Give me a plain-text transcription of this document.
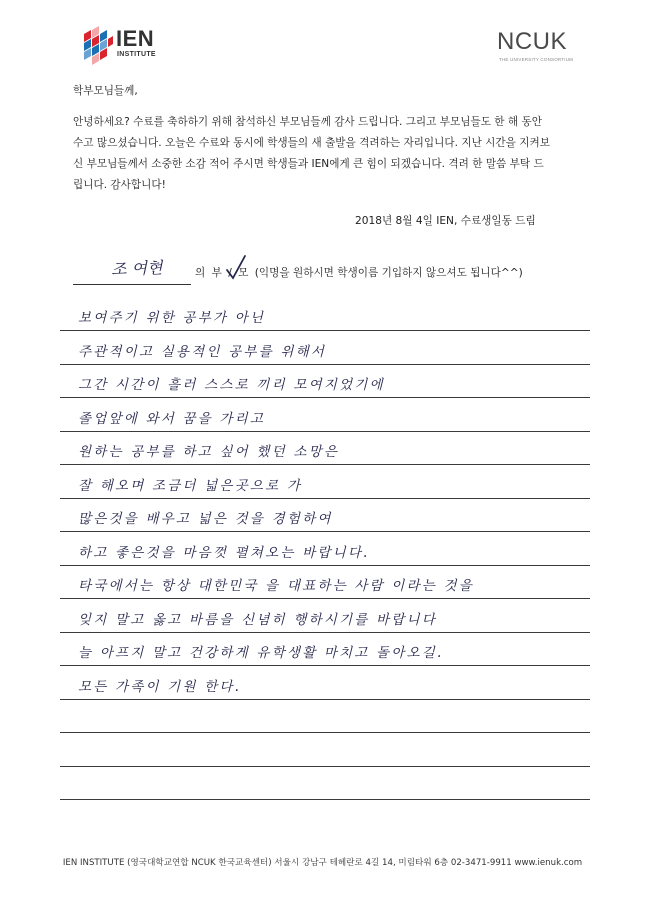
IEN
INSTITUTE	NCUK
THE UNIVERSITY CONSORTIUM
학부모님들께,

안녕하세요? 수료를 축하하기 위해 참석하신 부모님들께 감사 드립니다. 그리고 부모님들도 한 해 동안

수고 많으셨습니다. 오늘은 수료와 동시에 학생들의 새 출발을 격려하는 자리입니다. 지난 시간을 지켜보

신 부모님들께서 소중한 소감 적어 주시면 학생들과 IEN에게 큰 힘이 되겠습니다. 격려 한 말씀 부탁 드

립니다. 감사합니다!

2018년 8월 4일 IEN, 수료생일동 드림
조 여현	의 부 / 모 (익명을 원하시면 학생이름 기입하지 않으셔도 됩니다^^)
보여주기 위한 공부가 아닌
주관적이고 실용적인 공부를 위해서
그간 시간이 흘러 스스로 끼리 모여지었기에
졸업앞에 와서 꿈을 가리고
원하는 공부를 하고 싶어 했던 소망은
잘 해오며 조금더 넓은곳으로 가
많은것을 배우고 넓은 것을 경험하여
하고 좋은것을 마음껏 펼쳐오는 바랍니다.
타국에서는 항상 대한민국 을 대표하는 사람 이라는 것을
잊지 말고 옳고 바름을 신념히 행하시기를 바랍니다
늘 아프지 말고 건강하게 유학생활 마치고 돌아오길.
모든 가족이 기원 한다.
IEN INSTITUTE (영국대학교연합 NCUK 한국교육센터) 서울시 강남구 테헤란로 4길 14, 미림타워 6층 02-3471-9911 www.ienuk.com
